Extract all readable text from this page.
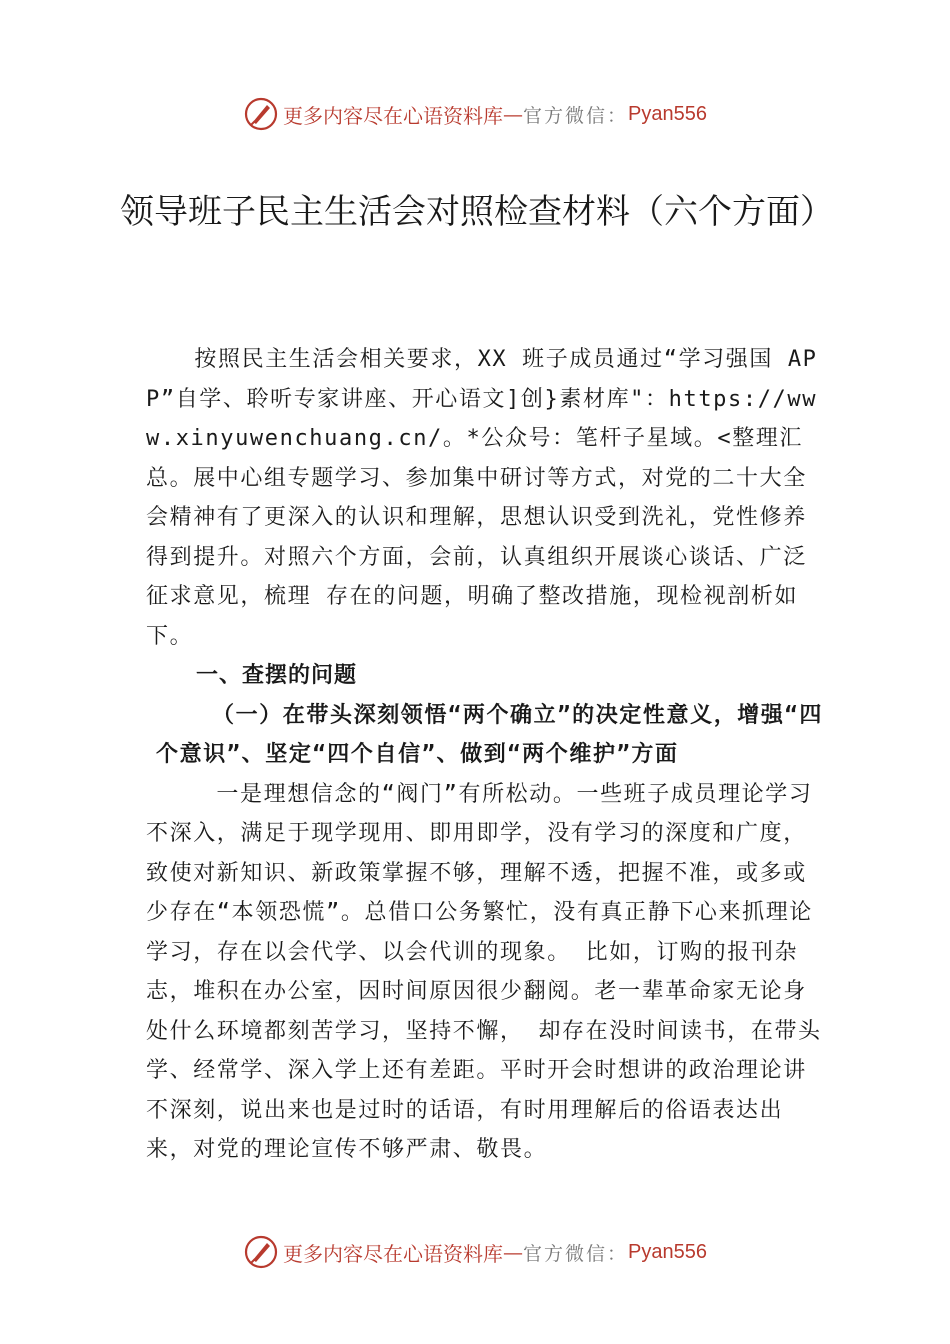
更多内容尽在心语资料库 — 官方微信： Pyan556
领导班子民主生活会对照检查材料（六个方面）

按照民主生活会相关要求，XX 班子成员通过“学习强国 APP”自学、聆听专家讲座、开心语文]创}素材库"：https://www.xinyuwenchuang.cn/。*公众号：笔杆子星域。<整理汇总。展中心组专题学习、参加集中研讨等方式，对党的二十大全会精神有了更深入的认识和理解，思想认识受到洗礼，党性修养得到提升。对照六个方面，会前，认真组织开展谈心谈话、广泛征求意见，梳理 存在的问题，明确了整改措施，现检视剖析如下。

一、查摆的问题

（一）在带头深刻领悟“两个确立”的决定性意义，增强“四个意识”、坚定“四个自信”、做到“两个维护”方面

一是理想信念的“阀门”有所松动。一些班子成员理论学习不深入，满足于现学现用、即用即学，没有学习的深度和广度，致使对新知识、新政策掌握不够，理解不透，把握不准，或多或少存在“本领恐慌”。总借口公务繁忙，没有真正静下心来抓理论学习，存在以会代学、以会代训的现象。 比如，订购的报刊杂志，堆积在办公室，因时间原因很少翻阅。老一辈革命家无论身处什么环境都刻苦学习，坚持不懈， 却存在没时间读书，在带头学、经常学、深入学上还有差距。平时开会时想讲的政治理论讲不深刻，说出来也是过时的话语，有时用理解后的俗语表达出来，对党的理论宣传不够严肃、敬畏。

更多内容尽在心语资料库 — 官方微信： Pyan556
